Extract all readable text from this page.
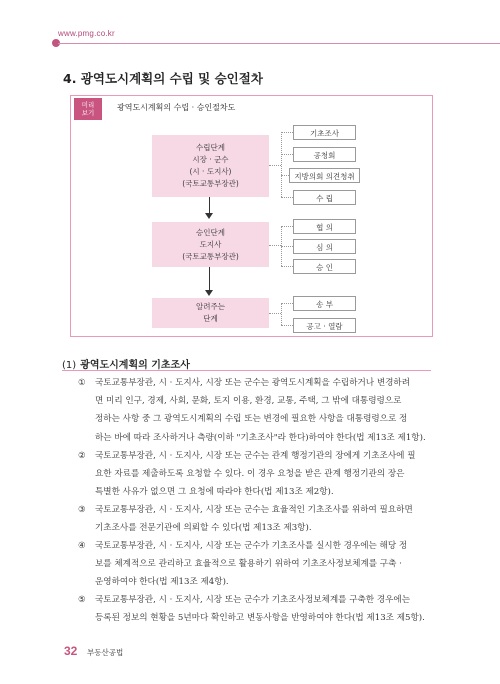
www.pmg.co.kr
4. 광역도시계획의 수립 및 승인절차
미리
보기
광역도시계획의 수립 · 승인절차도
수립단계
시장 · 군수
(시 · 도지사)
(국토교통부장관)
기초조사
공청회
지방의회 의견청취
수 립
승인단계
도지사
(국토교통부장관)
협 의
심 의
승 인
알려주는
단계
송 부
공고 · 열람
(1) 광역도시계획의 기초조사
①	국토교통부장관, 시 · 도지사, 시장 또는 군수는 광역도시계획을 수립하거나 변경하려
면 미리 인구, 경제, 사회, 문화, 토지 이용, 환경, 교통, 주택, 그 밖에 대통령령으로
정하는 사항 중 그 광역도시계획의 수립 또는 변경에 필요한 사항을 대통령령으로 정
하는 바에 따라 조사하거나 측량(이하 "기초조사"라 한다)하여야 한다(법 제13조 제1항).
②	국토교통부장관, 시 · 도지사, 시장 또는 군수는 관계 행정기관의 장에게 기초조사에 필
요한 자료를 제출하도록 요청할 수 있다. 이 경우 요청을 받은 관계 행정기관의 장은
특별한 사유가 없으면 그 요청에 따라야 한다(법 제13조 제2항).
③	국토교통부장관, 시 · 도지사, 시장 또는 군수는 효율적인 기초조사를 위하여 필요하면
기초조사를 전문기관에 의뢰할 수 있다(법 제13조 제3항).
④	국토교통부장관, 시 · 도지사, 시장 또는 군수가 기초조사를 실시한 경우에는 해당 정
보를 체계적으로 관리하고 효율적으로 활용하기 위하여 기초조사정보체계를 구축 ·
운영하여야 한다(법 제13조 제4항).
⑤	국토교통부장관, 시 · 도지사, 시장 또는 군수가 기초조사정보체계를 구축한 경우에는
등록된 정보의 현황을 5년마다 확인하고 변동사항을 반영하여야 한다(법 제13조 제5항).
32 부동산공법
